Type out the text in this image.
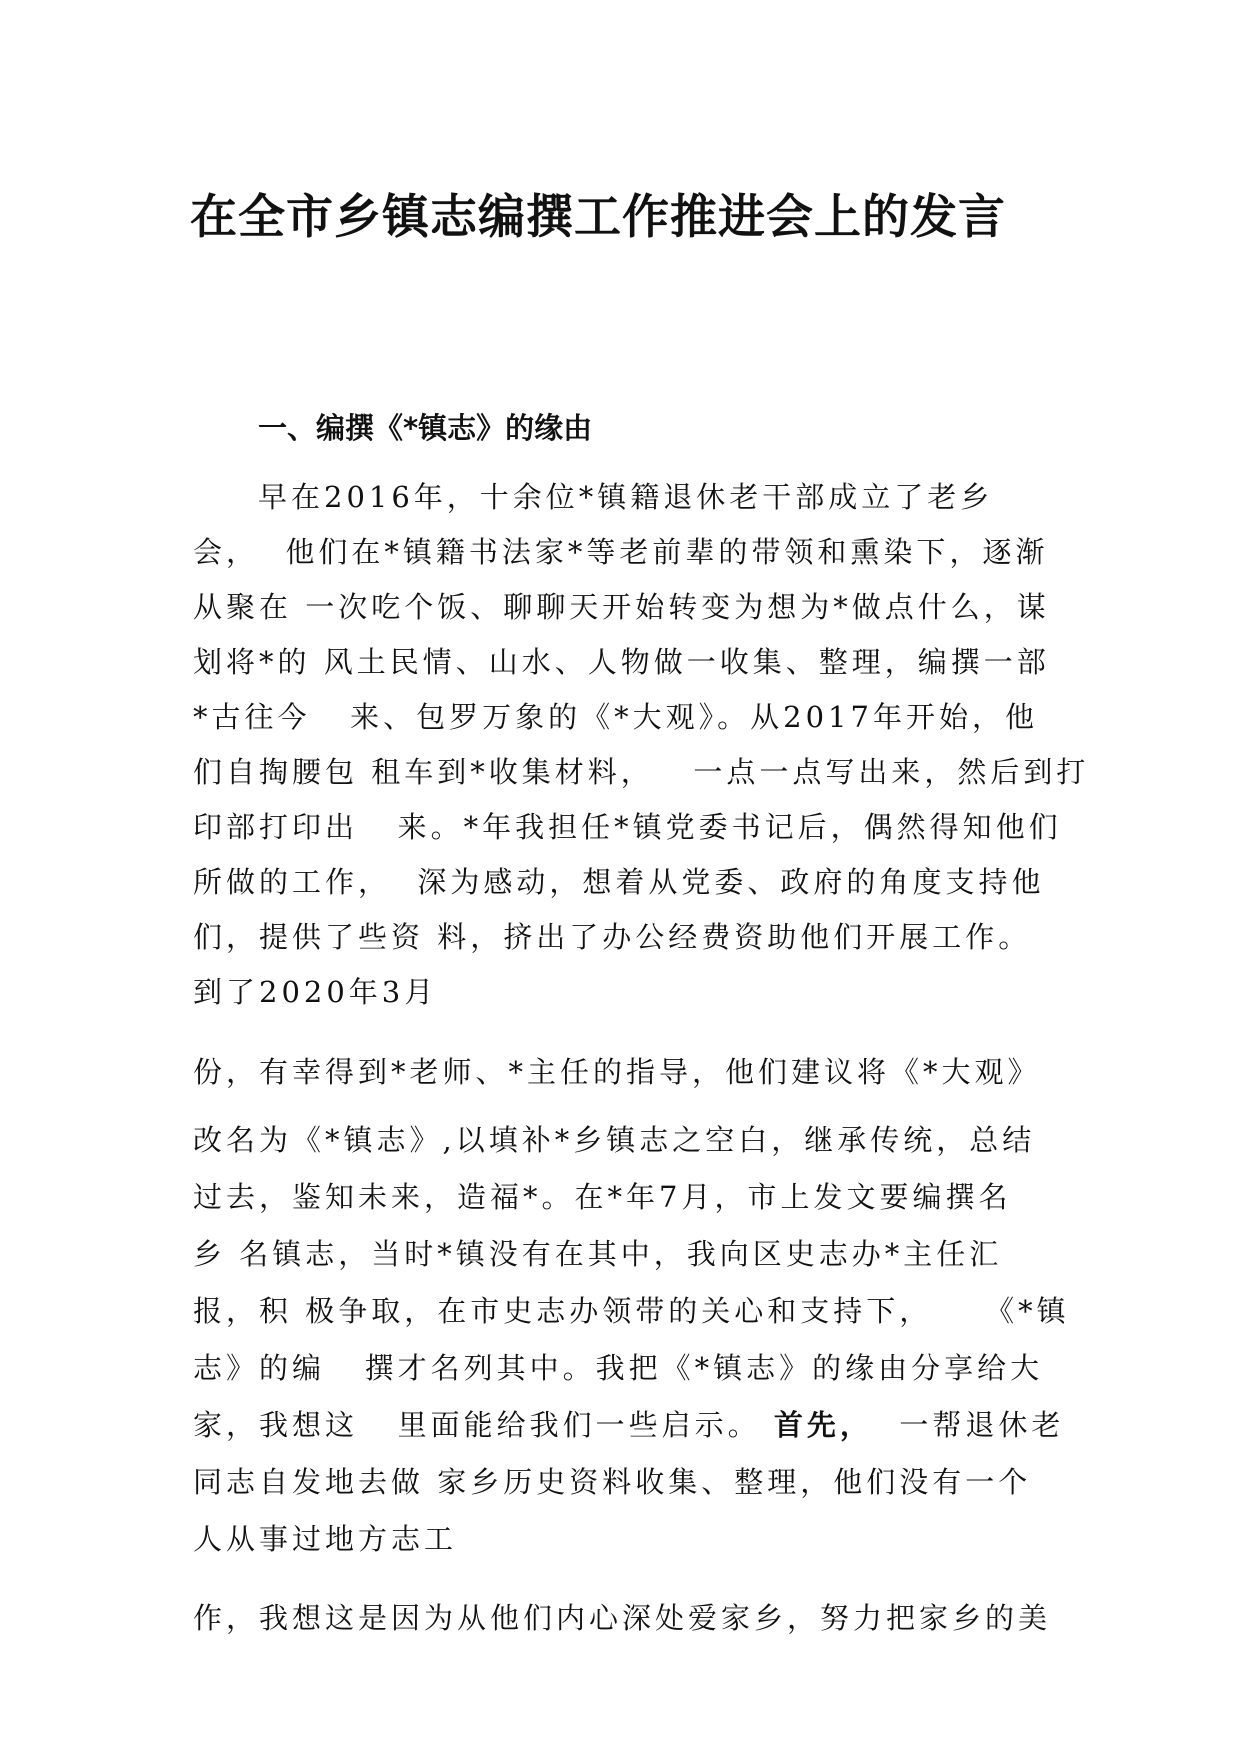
在全市乡镇志编撰工作推进会上的发言
一、编撰《*镇志》的缘由
早在2016年，十余位*镇籍退休老干部成立了老乡
会，  他们在*镇籍书法家*等老前辈的带领和熏染下，逐渐
从聚在 一次吃个饭、聊聊天开始转变为想为*做点什么，谋
划将*的 风土民情、山水、人物做一收集、整理，编撰一部
*古往今   来、包罗万象的《*大观》。从2017年开始，他
们自掏腰包 租车到*收集材料，   一点一点写出来，然后到打
印部打印出   来。*年我担任*镇党委书记后，偶然得知他们
所做的工作，  深为感动，想着从党委、政府的角度支持他
们，提供了些资 料，挤出了办公经费资助他们开展工作。
到了2020年3月
份，有幸得到*老师、*主任的指导，他们建议将《*大观》
改名为《*镇志》,以填补*乡镇志之空白，继承传统，总结
过去，鉴知未来，造福*。在*年7月，市上发文要编撰名
乡 名镇志，当时*镇没有在其中，我向区史志办*主任汇
报，积 极争取，在市史志办领带的关心和支持下，    《*镇
志》的编   撰才名列其中。我把《*镇志》的缘由分享给大
家，我想这   里面能给我们一些启示。 首先，  一帮退休老
同志自发地去做 家乡历史资料收集、整理，他们没有一个
人从事过地方志工
作，我想这是因为从他们内心深处爱家乡，努力把家乡的美
